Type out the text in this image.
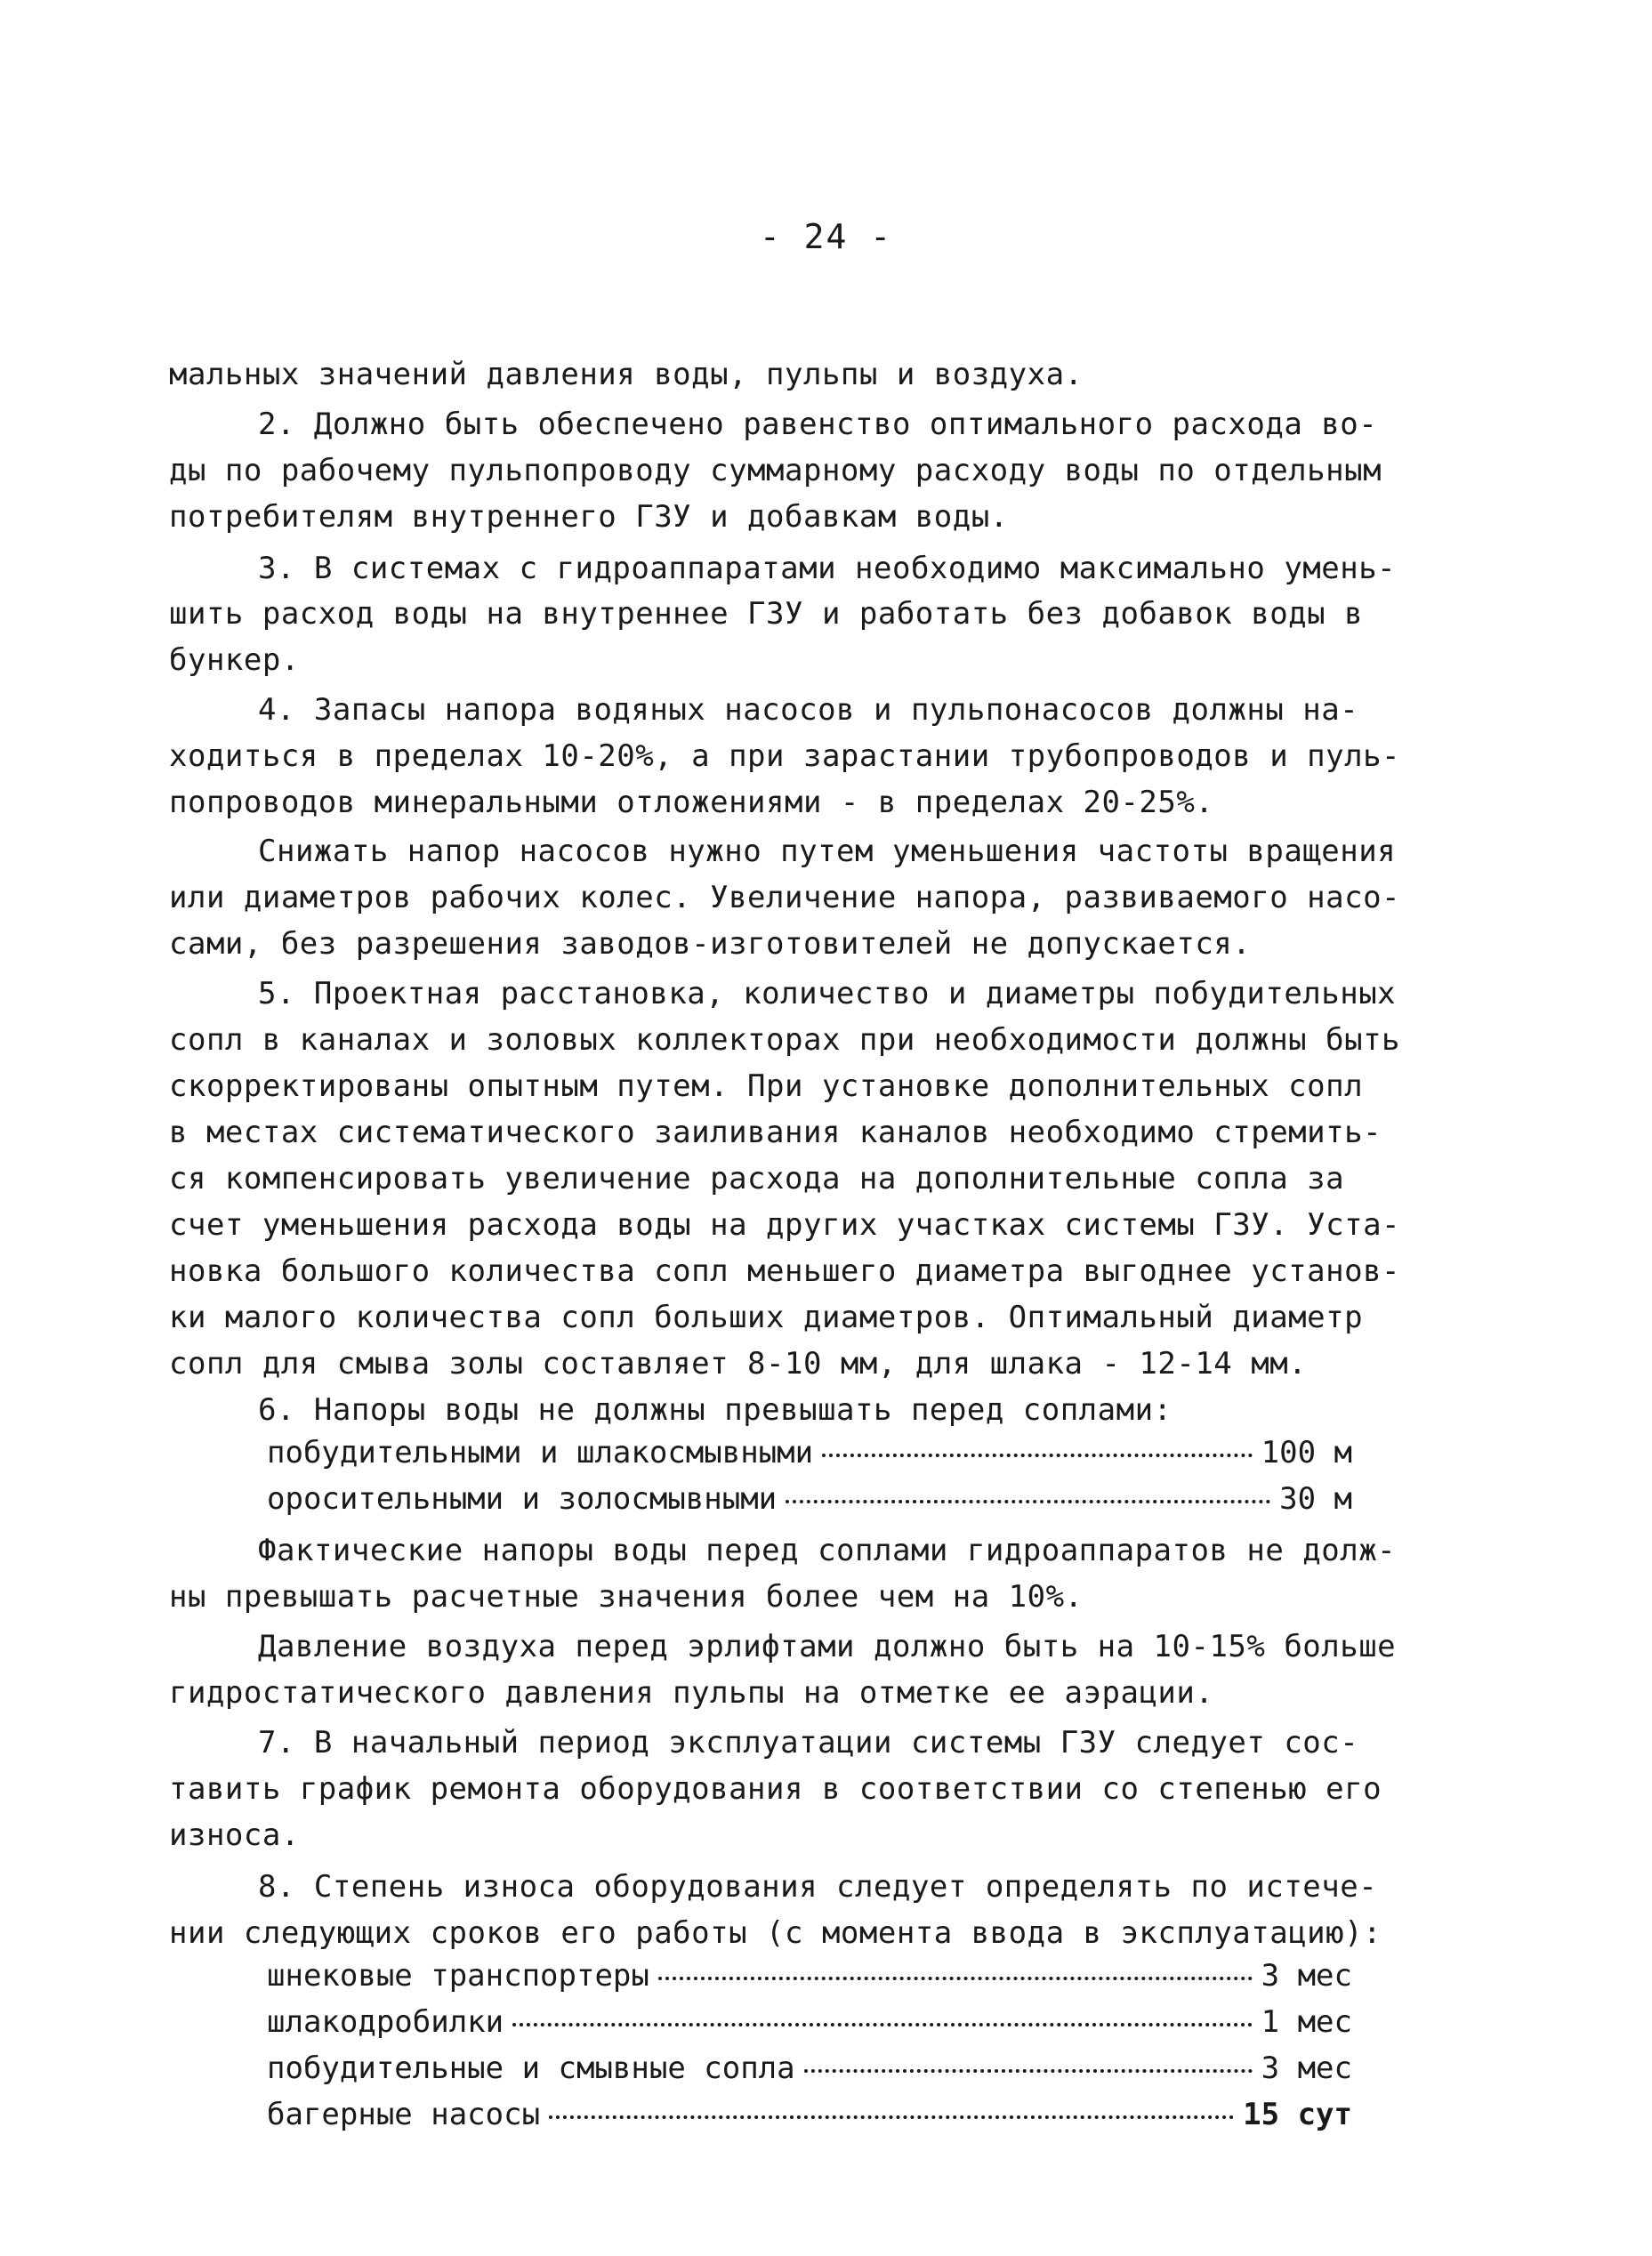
- 24 -
мальных значений давления воды, пульпы и воздуха.
2. Должно быть обеспечено равенство оптимального расхода во-
ды по рабочему пульпопроводу суммарному расходу воды по отдельным
потребителям внутреннего ГЗУ и добавкам воды.
3. В системах с гидроаппаратами необходимо максимально умень-
шить расход воды на внутреннее ГЗУ и работать без добавок воды в
бункер.
4. Запасы напора водяных насосов и пульпонасосов должны на-
ходиться в пределах 10-20%, а при зарастании трубопроводов и пуль-
попроводов минеральными отложениями - в пределах 20-25%.
Снижать напор насосов нужно путем уменьшения частоты вращения
или диаметров рабочих колес. Увеличение напора, развиваемого насо-
сами, без разрешения заводов-изготовителей не допускается.
5. Проектная расстановка, количество и диаметры побудительных
сопл в каналах и золовых коллекторах при необходимости должны быть
скорректированы опытным путем. При установке дополнительных сопл
в местах систематического заиливания каналов необходимо стремить-
ся компенсировать увеличение расхода на дополнительные сопла за
счет уменьшения расхода воды на других участках системы ГЗУ. Уста-
новка большого количества сопл меньшего диаметра выгоднее установ-
ки малого количества сопл больших диаметров. Оптимальный диаметр
сопл для смыва золы составляет 8-10 мм, для шлака - 12-14 мм.
6. Напоры воды не должны превышать перед соплами:
побудительными и шлакосмывными	100 м
оросительными и золосмывными	30 м
Фактические напоры воды перед соплами гидроаппаратов не долж-
ны превышать расчетные значения более чем на 10%.
Давление воздуха перед эрлифтами должно быть на 10-15% больше
гидростатического давления пульпы на отметке ее аэрации.
7. В начальный период эксплуатации системы ГЗУ следует сос-
тавить график ремонта оборудования в соответствии со степенью его
износа.
8. Степень износа оборудования следует определять по истече-
нии следующих сроков его работы (с момента ввода в эксплуатацию):
шнековые транспортеры	3 мес
шлакодробилки	1 мес
побудительные и смывные сопла	3 мес
багерные насосы	15 сут
